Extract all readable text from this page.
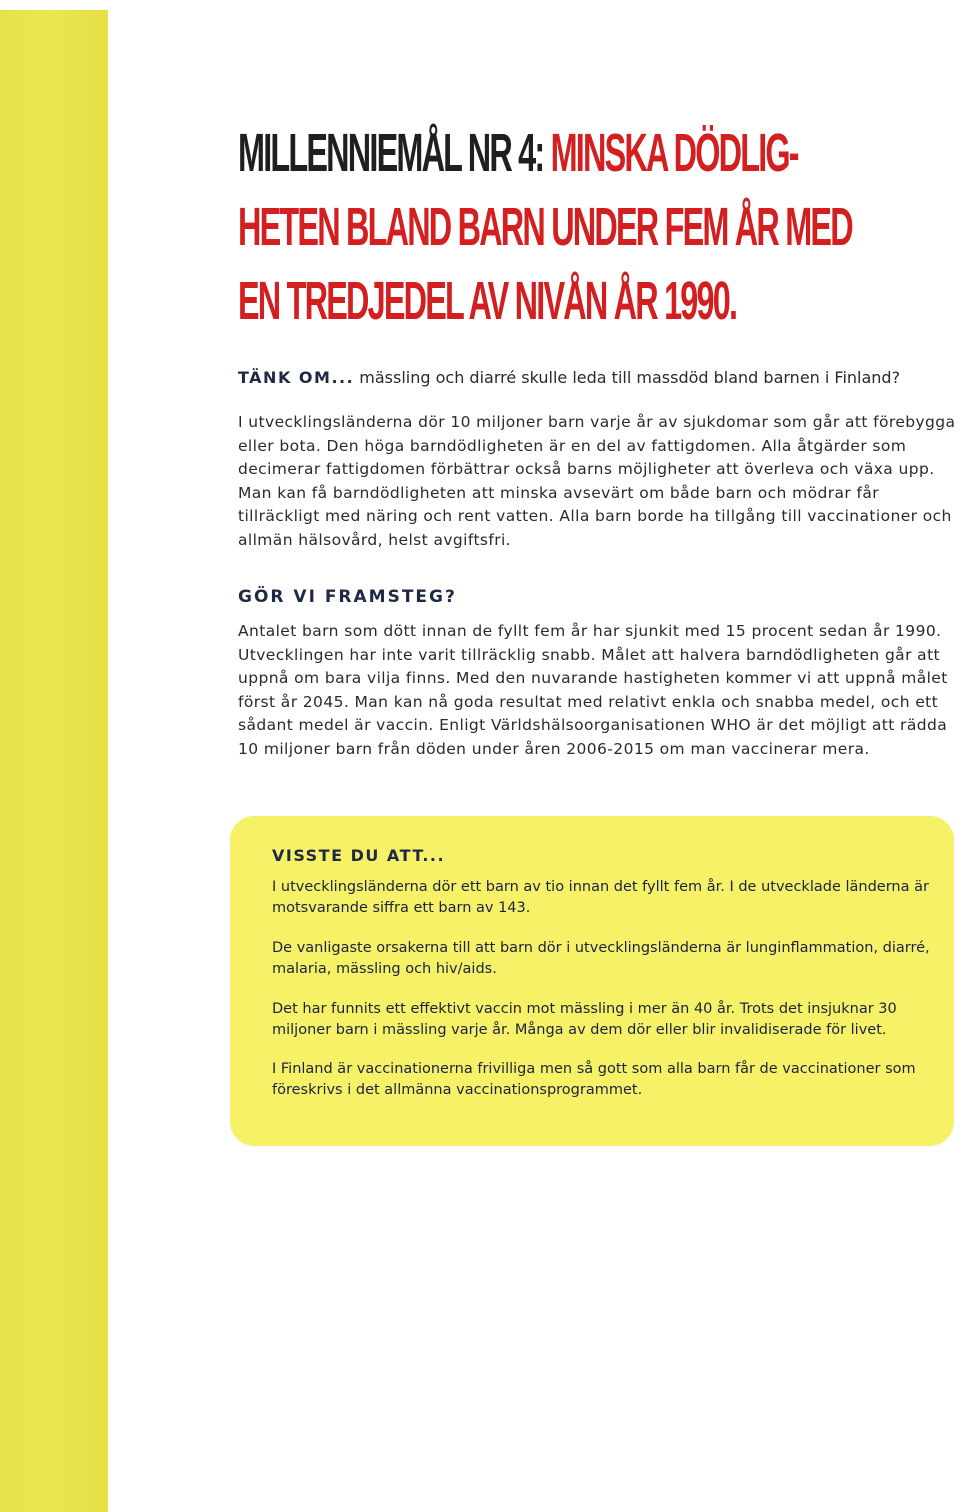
MILLENNIEMÅL NR 4: MINSKA DÖDLIG-
HETEN BLAND BARN UNDER FEM ÅR MED
EN TREDJEDEL AV NIVÅN ÅR 1990.

TÄNK OM... mässling och diarré skulle leda till massdöd bland barnen i Finland?

I utvecklingsländerna dör 10 miljoner barn varje år av sjukdomar som går att förebygga eller bota. Den höga barndödligheten är en del av fattigdomen. Alla åtgärder som decimerar fattigdomen förbättrar också barns möjligheter att överleva och växa upp. Man kan få barndödligheten att minska avsevärt om både barn och mödrar får tillräckligt med näring och rent vatten. Alla barn borde ha tillgång till vaccinationer och allmän hälsovård, helst avgiftsfri.

GÖR VI FRAMSTEG?

Antalet barn som dött innan de fyllt fem år har sjunkit med 15 procent sedan år 1990. Utvecklingen har inte varit tillräcklig snabb. Målet att halvera barndödligheten går att uppnå om bara vilja finns. Med den nuvarande hastigheten kommer vi att uppnå målet först år 2045. Man kan nå goda resultat med relativt enkla och snabba medel, och ett sådant medel är vaccin. Enligt Världshälsoorganisationen WHO är det möjligt att rädda 10 miljoner barn från döden under åren 2006-2015 om man vaccinerar mera.

VISSTE DU ATT...

I utvecklingsländerna dör ett barn av tio innan det fyllt fem år. I de utvecklade länderna är motsvarande siffra ett barn av 143.

De vanligaste orsakerna till att barn dör i utvecklingsländerna är lunginflammation, diarré, malaria, mässling och hiv/aids.

Det har funnits ett effektivt vaccin mot mässling i mer än 40 år. Trots det insjuknar 30 miljoner barn i mässling varje år. Många av dem dör eller blir invalidiserade för livet.

I Finland är vaccinationerna frivilliga men så gott som alla barn får de vaccinationer som föreskrivs i det allmänna vaccinationsprogrammet.
